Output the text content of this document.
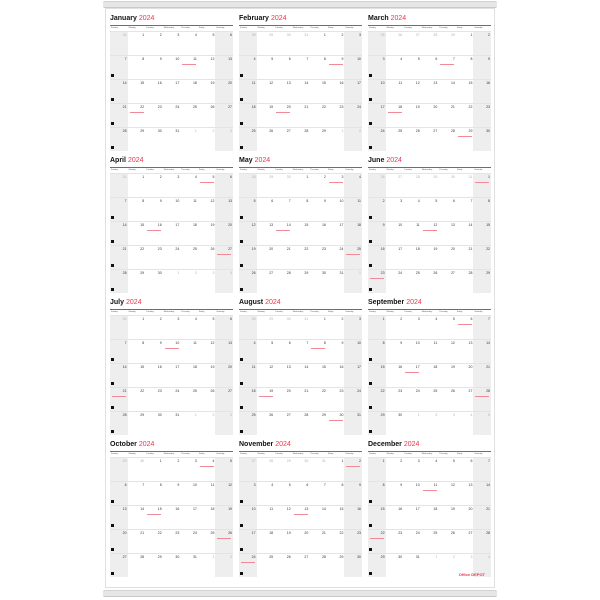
January 2024
Sunday	Monday	Tuesday	Wednesday	Thursday	Friday	Saturday
31	1	2	3	4	5	6
7	8	9	10	11	12	13
14	15	16	17	18	19	20
21	22	23	24	25	26	27
28	29	30	31	1	2	3
February 2024
Sunday	Monday	Tuesday	Wednesday	Thursday	Friday	Saturday
28	29	30	31	1	2	3
4	5	6	7	8	9	10
11	12	13	14	15	16	17
18	19	20	21	22	23	24
25	26	27	28	29	1	2
March 2024
Sunday	Monday	Tuesday	Wednesday	Thursday	Friday	Saturday
25	26	27	28	29	1	2
3	4	5	6	7	8	9
10	11	12	13	14	15	16
17	18	19	20	21	22	23
24	25	26	27	28	29	30
April 2024
Sunday	Monday	Tuesday	Wednesday	Thursday	Friday	Saturday
31	1	2	3	4	5	6
7	8	9	10	11	12	13
14	15	16	17	18	19	20
21	22	23	24	25	26	27
28	29	30	1	2	3	4
May 2024
Sunday	Monday	Tuesday	Wednesday	Thursday	Friday	Saturday
28	29	30	1	2	3	4
5	6	7	8	9	10	11
12	13	14	15	16	17	18
19	20	21	22	23	24	25
26	27	28	29	30	31	1
June 2024
Sunday	Monday	Tuesday	Wednesday	Thursday	Friday	Saturday
26	27	28	29	30	31	1
2	3	4	5	6	7	8
9	10	11	12	13	14	15
16	17	18	19	20	21	22
23	24	25	26	27	28	29
July 2024
Sunday	Monday	Tuesday	Wednesday	Thursday	Friday	Saturday
30	1	2	3	4	5	6
7	8	9	10	11	12	13
14	15	16	17	18	19	20
21	22	23	24	25	26	27
28	29	30	31	1	2	3
August 2024
Sunday	Monday	Tuesday	Wednesday	Thursday	Friday	Saturday
28	29	30	31	1	2	3
4	5	6	7	8	9	10
11	12	13	14	15	16	17
18	19	20	21	22	23	24
25	26	27	28	29	30	31
September 2024
Sunday	Monday	Tuesday	Wednesday	Thursday	Friday	Saturday
1	2	3	4	5	6	7
8	9	10	11	12	13	14
15	16	17	18	19	20	21
22	23	24	25	26	27	28
29	30	1	2	3	4	5
October 2024
Sunday	Monday	Tuesday	Wednesday	Thursday	Friday	Saturday
29	30	1	2	3	4	5
6	7	8	9	10	11	12
13	14	15	16	17	18	19
20	21	22	23	24	25	26
27	28	29	30	31	1	2
November 2024
Sunday	Monday	Tuesday	Wednesday	Thursday	Friday	Saturday
27	28	29	30	31	1	2
3	4	5	6	7	8	9
10	11	12	13	14	15	16
17	18	19	20	21	22	23
24	25	26	27	28	29	30
December 2024
Sunday	Monday	Tuesday	Wednesday	Thursday	Friday	Saturday
1	2	3	4	5	6	7
8	9	10	11	12	13	14
15	16	17	18	19	20	21
22	23	24	25	26	27	28
29	30	31	1	2	3	4
Office DEPOT
